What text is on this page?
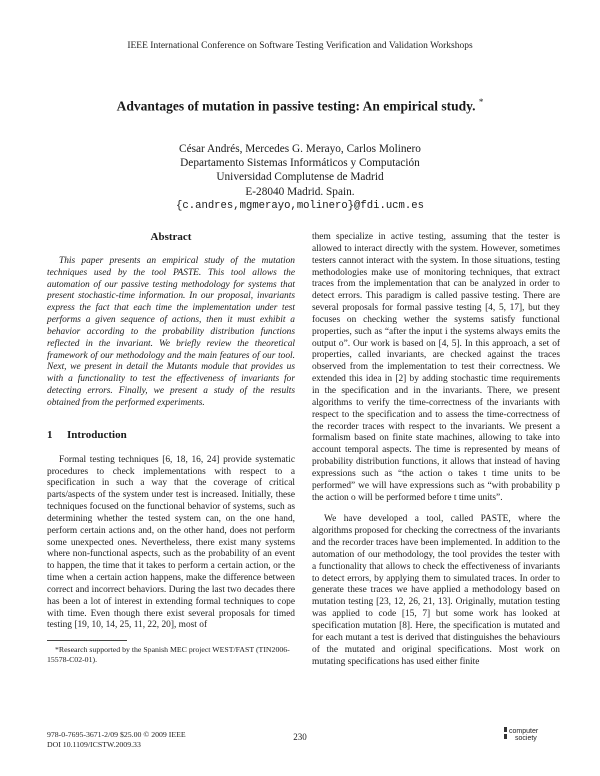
IEEE International Conference on Software Testing Verification and Validation Workshops
Advantages of mutation in passive testing: An empirical study. *
César Andrés, Mercedes G. Merayo, Carlos Molinero
Departamento Sistemas Informáticos y Computación
Universidad Complutense de Madrid
E-28040 Madrid. Spain.
{c.andres,mgmerayo,molinero}@fdi.ucm.es
Abstract

This paper presents an empirical study of the mutation techniques used by the tool PASTE. This tool allows the automation of our passive testing methodology for systems that present stochastic-time information. In our proposal, invariants express the fact that each time the implementation under test performs a given sequence of actions, then it must exhibit a behavior according to the probability distribution functions reflected in the invariant. We briefly review the theoretical framework of our methodology and the main features of our tool. Next, we present in detail the Mutants module that provides us with a functionality to test the effectiveness of invariants for detecting errors. Finally, we present a study of the results obtained from the performed experiments.

1 Introduction

Formal testing techniques [6, 18, 16, 24] provide systematic procedures to check implementations with respect to a specification in such a way that the coverage of critical parts/aspects of the system under test is increased. Initially, these techniques focused on the functional behavior of systems, such as determining whether the tested system can, on the one hand, perform certain actions and, on the other hand, does not perform some unexpected ones. Nevertheless, there exist many systems where non-functional aspects, such as the probability of an event to happen, the time that it takes to perform a certain action, or the time when a certain action happens, make the difference between correct and incorrect behaviors. During the last two decades there has been a lot of interest in extending formal techniques to cope with time. Even though there exist several proposals for timed testing [19, 10, 14, 25, 11, 22, 20], most of

*Research supported by the Spanish MEC project WEST/FAST (TIN2006-15578-C02-01).

them specialize in active testing, assuming that the tester is allowed to interact directly with the system. However, sometimes testers cannot interact with the system. In those situations, testing methodologies make use of monitoring techniques, that extract traces from the implementation that can be analyzed in order to detect errors. This paradigm is called passive testing. There are several proposals for formal passive testing [4, 5, 17], but they focuses on checking wether the systems satisfy functional properties, such as “after the input i the systems always emits the output o”. Our work is based on [4, 5]. In this approach, a set of properties, called invariants, are checked against the traces observed from the implementation to test their correctness. We extended this idea in [2] by adding stochastic time requirements in the specification and in the invariants. There, we present algorithms to verify the time-correctness of the invariants with respect to the specification and to assess the time-correctness of the recorder traces with respect to the invariants. We present a formalism based on finite state machines, allowing to take into account temporal aspects. The time is represented by means of probability distribution functions, it allows that instead of having expressions such as “the action o takes t time units to be performed” we will have expressions such as “with probability p the action o will be performed before t time units”.

We have developed a tool, called PASTE, where the algorithms proposed for checking the correctness of the invariants and the recorder traces have been implemented. In addition to the automation of our methodology, the tool provides the tester with a functionality that allows to check the effectiveness of invariants to detect errors, by applying them to simulated traces. In order to generate these traces we have applied a methodology based on mutation testing [23, 12, 26, 21, 13]. Originally, mutation testing was applied to code [15, 7] but some work has looked at specification mutation [8]. Here, the specification is mutated and for each mutant a test is derived that distinguishes the behaviours of the mutated and original specifications. Most work on mutating specifications has used either finite

978-0-7695-3671-2/09 $25.00 © 2009 IEEE
DOI 10.1109/ICSTW.2009.33
230
computer
society
